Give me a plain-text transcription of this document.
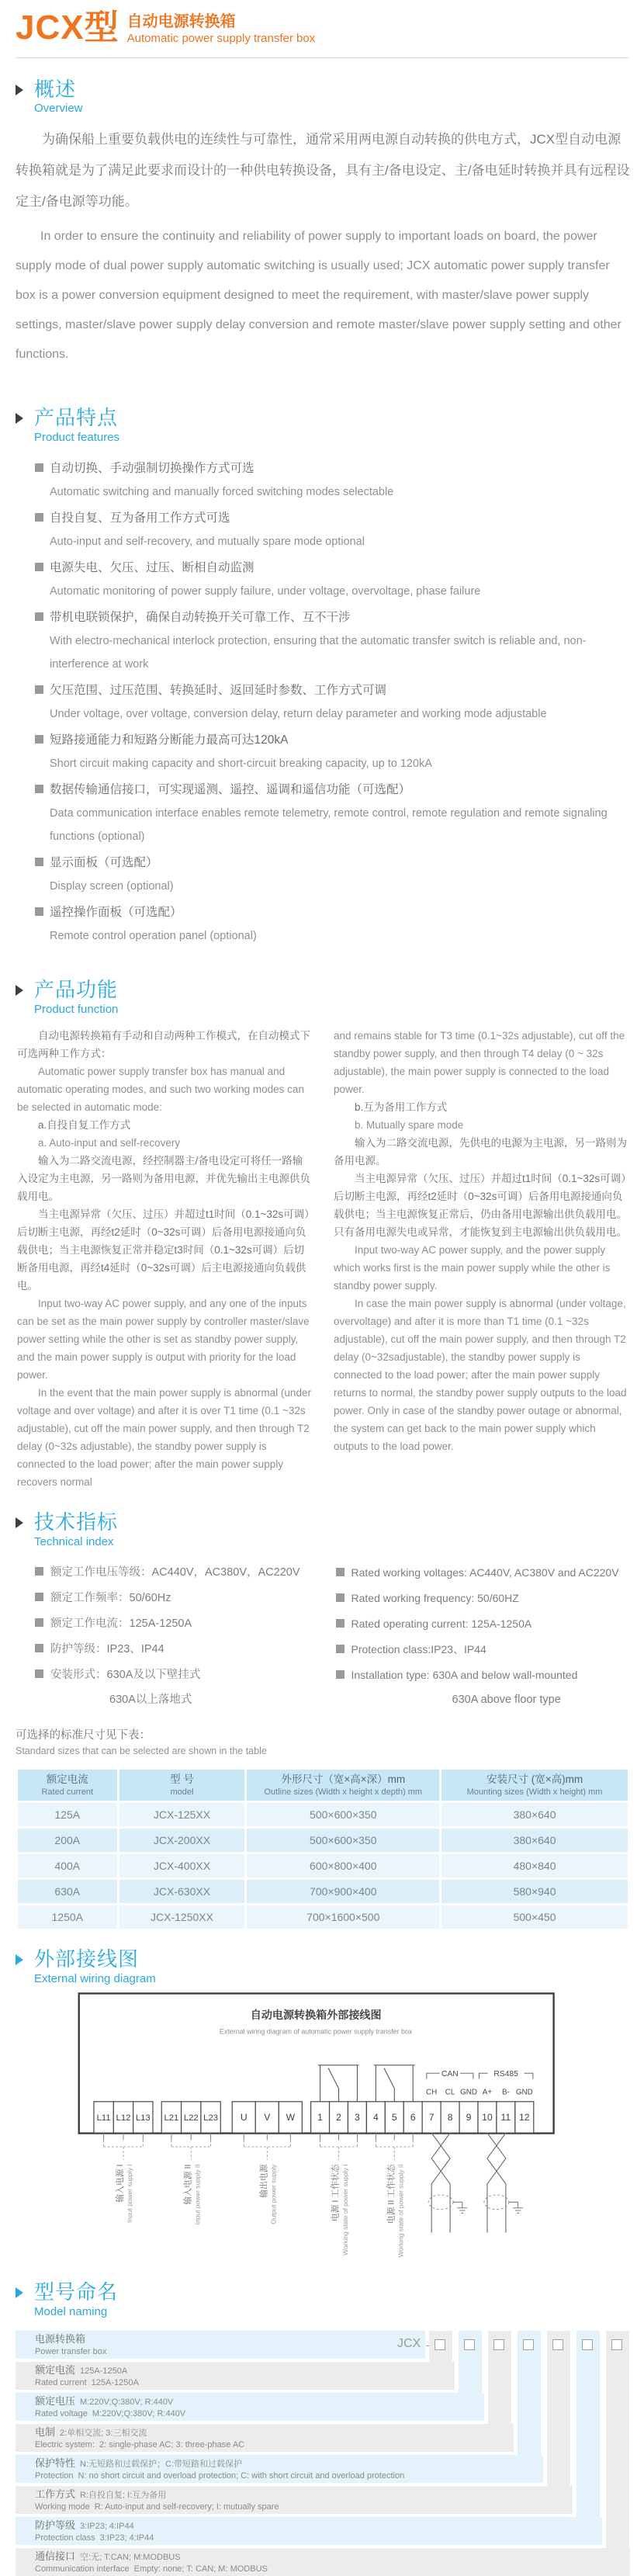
JCX型 自动电源转换箱
Automatic power supply transfer box
概述
Overview

为确保船上重要负载供电的连续性与可靠性，通常采用两电源自动转换的供电方式，JCX型自动电源转换箱就是为了满足此要求而设计的一种供电转换设备，具有主/备电设定、主/备电延时转换并具有远程设定主/备电源等功能。

In order to ensure the continuity and reliability of power supply to important loads on board, the power supply mode of dual power supply automatic switching is usually used; JCX automatic power supply transfer box is a power conversion equipment designed to meet the requirement, with master/slave power supply settings, master/slave power supply delay conversion and remote master/slave power supply setting and other functions.

产品特点
Product features
自动切换、手动强制切换操作方式可选
Automatic switching and manually forced switching modes selectable
自投自复、互为备用工作方式可选
Auto-input and self-recovery, and mutually spare mode optional
电源失电、欠压、过压、断相自动监测
Automatic monitoring of power supply failure, under voltage, overvoltage, phase failure
带机电联锁保护，确保自动转换开关可靠工作、互不干涉
With electro-mechanical interlock protection, ensuring that the automatic transfer switch is reliable and, non-interference at work
欠压范围、过压范围、转换延时、返回延时参数、工作方式可调
Under voltage, over voltage, conversion delay, return delay parameter and working mode adjustable
短路接通能力和短路分断能力最高可达120kA
Short circuit making capacity and short-circuit breaking capacity, up to 120kA
数据传输通信接口，可实现遥测、遥控、遥调和遥信功能（可选配）
Data communication interface enables remote telemetry, remote control, remote regulation and remote signaling functions (optional)
显示面板（可选配）
Display screen (optional)
遥控操作面板（可选配）
Remote control operation panel (optional)
产品功能
Product function

自动电源转换箱有手动和自动两种工作模式，在自动模式下可选两种工作方式：

Automatic power supply transfer box has manual and automatic operating modes, and such two working modes can be selected in automatic mode:

a.自投自复工作方式

a. Auto-input and self-recovery

输入为二路交流电源，经控制器主/备电设定可将任一路输入设定为主电源，另一路则为备用电源，并优先输出主电源供负载用电。

当主电源异常（欠压、过压）并超过t1时间（0.1~32s可调）后切断主电源，再经t2延时（0~32s可调）后备用电源接通向负载供电；当主电源恢复正常并稳定t3时间（0.1~32s可调）后切断备用电源，再经t4延时（0~32s可调）后主电源接通向负载供电。

Input two-way AC power supply, and any one of the inputs can be set as the main power supply by controller master/slave power setting while the other is set as standby power supply, and the main power supply is output with priority for the load power.

In the event that the main power supply is abnormal (under voltage and over voltage) and after it is over T1 time (0.1 ~32s adjustable), cut off the main power supply, and then through T2 delay (0~32s adjustable), the standby power supply is connected to the load power; after the main power supply recovers normal

and remains stable for T3 time (0.1~32s adjustable), cut off the standby power supply, and then through T4 delay (0 ~ 32s adjustable), the main power supply is connected to the load power.

b.互为备用工作方式

b. Mutually spare mode

输入为二路交流电源，先供电的电源为主电源，另一路则为备用电源。

当主电源异常（欠压、过压）并超过t1时间（0.1~32s可调）后切断主电源，再经t2延时（0~32s可调）后备用电源接通向负载供电；当主电源恢复正常后，仍由备用电源输出供负载用电。只有备用电源失电或异常，才能恢复到主电源输出供负载用电。

Input two-way AC power supply, and the power supply which works first is the main power supply while the other is standby power supply.

In case the main power supply is abnormal (under voltage, overvoltage) and after it is more than T1 time (0.1 ~32s adjustable), cut off the main power supply, and then through T2 delay (0~32sadjustable), the standby power supply is connected to the load power; after the main power supply returns to normal, the standby power supply outputs to the load power. Only in case of the standby power outage or abnormal, the system can get back to the main power supply which outputs to the load power.

技术指标
Technical index
额定工作电压等级：AC440V，AC380V，AC220V
额定工作频率：50/60Hz
额定工作电流：125A-1250A
防护等级：IP23、IP44
安装形式：630A及以下壁挂式
630A以上落地式
Rated working voltages: AC440V, AC380V and AC220V
Rated working frequency: 50/60HZ
Rated operating current: 125A-1250A
Protection class:IP23、IP44
Installation type: 630A and below wall-mounted
630A above floor type
可选择的标准尺寸见下表：
Standard sizes that can be selected are shown in the table
额定电流
Rated current

型 号
model

外形尺寸（宽×高×深）mm
Outline sizes (Width x height x depth) mm

安装尺寸 (宽×高)mm
Mounting sizes (Width x height) mm

125A	JCX-125XX	500×600×350	380×640
200A	JCX-200XX	500×600×350	380×640
400A	JCX-400XX	600×800×400	480×840
630A	JCX-630XX	700×900×400	580×940
1250A	JCX-1250XX	700×1600×500	500×450
外部接线图
External wiring diagram
自动电源转换箱外部接线图
External wiring diagram of automatic power supply transfer box
CAN	RS485
CH CL GND A+ B- GND
L11 L12 L13 L21 L22 L23 U V W 1 2 3 4 5 6 7 8 9 10 11 12
输入电源 I Input power supply I	输入电源 II Input power supply II	输出电源 Output power supply	电源 I 工作状态 Working state of power supply I	电源 II 工作状态 Working state of power supply II
型号命名
Model naming
JCX -
电源转换箱
Power transfer box
额定电流 125A-1250A
Rated current 125A-1250A
额定电压 M:220V;Q:380V; R:440V
Rated voltage M:220V;Q:380V; R:440V
电制 2:单相交流; 3:三相交流
Electric system: 2: single-phase AC; 3: three-phase AC
保护特性 N:无短路和过载保护；C:带短路和过载保护
Protection N: no short circuit and overload protection; C: with short circuit and overload protection
工作方式 R:自投自复; I:互为备用
Working mode R: Auto-input and self-recovery; I: mutually spare
防护等级 3:IP23; 4:IP44
Protection class 3:IP23; 4:IP44
通信接口 空:无; T:CAN; M:MODBUS
Communication interface Empty: none; T: CAN; M: MODBUS
